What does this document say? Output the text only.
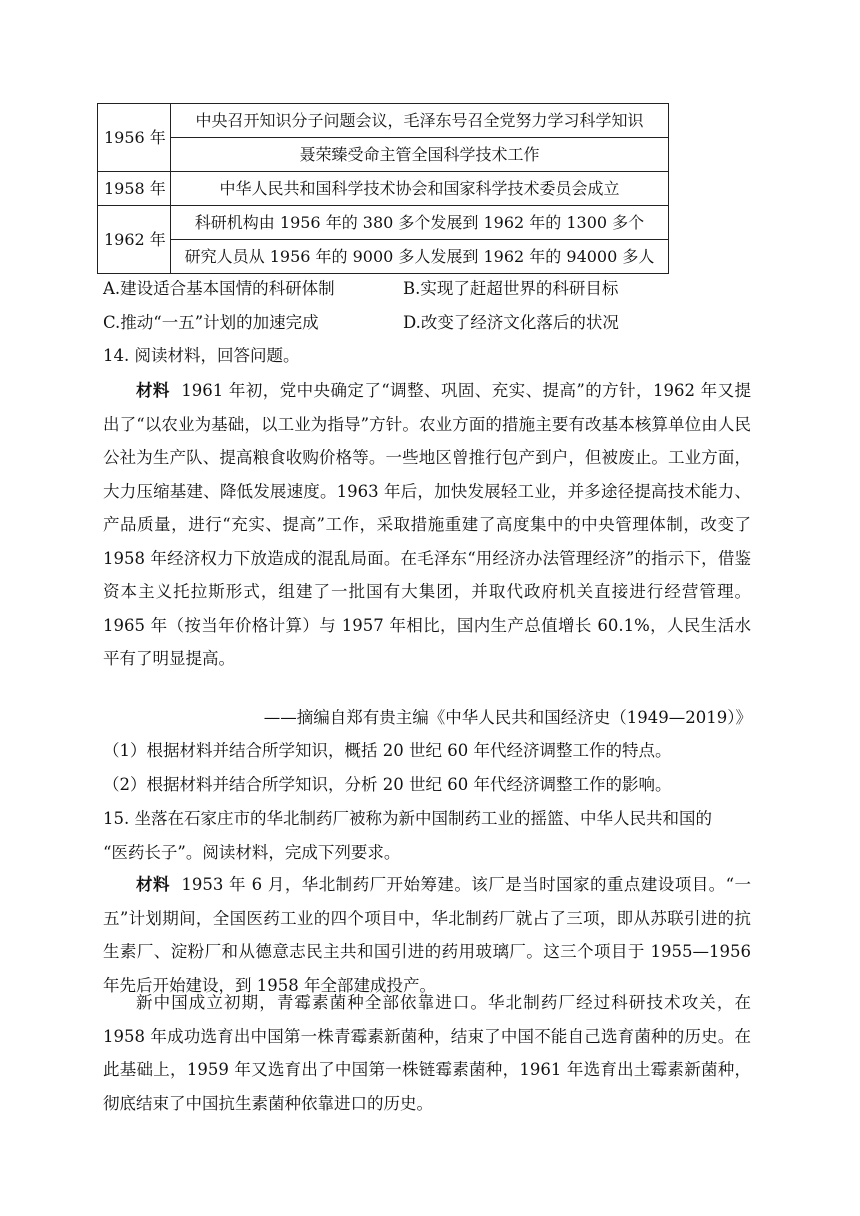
1956 年	中央召开知识分子问题会议，毛泽东号召全党努力学习科学知识
	聂荣臻受命主管全国科学技术工作
1958 年	中华人民共和国科学技术协会和国家科学技术委员会成立
1962 年	科研机构由 1956 年的 380 多个发展到 1962 年的 1300 多个
	研究人员从 1956 年的 9000 多人发展到 1962 年的 94000 多人
A.建设适合基本国情的科研体制	B.实现了赶超世界的科研目标
C.推动“一五”计划的加速完成	D.改变了经济文化落后的状况
14. 阅读材料，回答问题。
材料 1961 年初，党中央确定了“调整、巩固、充实、提高”的方针，1962 年又提出了“以农业为基础，以工业为指导”方针。农业方面的措施主要有改基本核算单位由人民公社为生产队、提高粮食收购价格等。一些地区曾推行包产到户，但被废止。工业方面，大力压缩基建、降低发展速度。1963 年后，加快发展轻工业，并多途径提高技术能力、产品质量，进行“充实、提高”工作，采取措施重建了高度集中的中央管理体制，改变了 1958 年经济权力下放造成的混乱局面。在毛泽东“用经济办法管理经济”的指示下，借鉴资本主义托拉斯形式，组建了一批国有大集团，并取代政府机关直接进行经营管理。1965 年（按当年价格计算）与 1957 年相比，国内生产总值增长 60.1%，人民生活水平有了明显提高。
——摘编自郑有贵主编《中华人民共和国经济史（1949—2019）》
（1）根据材料并结合所学知识，概括 20 世纪 60 年代经济调整工作的特点。
（2）根据材料并结合所学知识，分析 20 世纪 60 年代经济调整工作的影响。
15. 坐落在石家庄市的华北制药厂被称为新中国制药工业的摇篮、中华人民共和国的
“医药长子”。阅读材料，完成下列要求。
材料 1953 年 6 月，华北制药厂开始筹建。该厂是当时国家的重点建设项目。“一五”计划期间，全国医药工业的四个项目中，华北制药厂就占了三项，即从苏联引进的抗生素厂、淀粉厂和从德意志民主共和国引进的药用玻璃厂。这三个项目于 1955—1956 年先后开始建设，到 1958 年全部建成投产。
新中国成立初期，青霉素菌种全部依靠进口。华北制药厂经过科研技术攻关，在 1958 年成功选育出中国第一株青霉素新菌种，结束了中国不能自己选育菌种的历史。在此基础上，1959 年又选育出了中国第一株链霉素菌种，1961 年选育出土霉素新菌种，彻底结束了中国抗生素菌种依靠进口的历史。
